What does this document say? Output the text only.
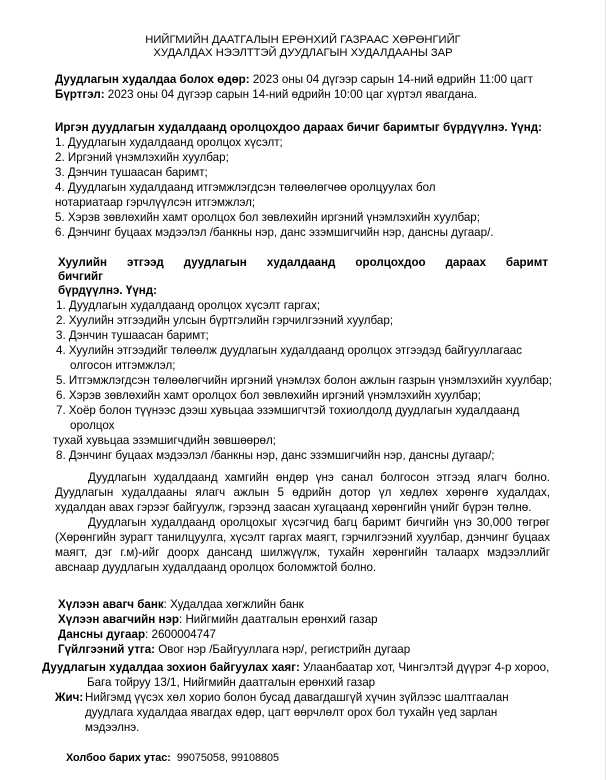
НИЙГМИЙН ДААТГАЛЫН ЕРӨНХИЙ ГАЗРААС ХӨРӨНГИЙГ
ХУДАЛДАХ НЭЭЛТТЭЙ ДУУДЛАГЫН ХУДАЛДААНЫ ЗАР
Дуудлагын худалдаа болох өдөр: 2023 оны 04 дүгээр сарын 14-ний өдрийн 11:00 цагт
Бүртгэл: 2023 оны 04 дүгээр сарын 14-ний өдрийн 10:00 цаг хүртэл явагдана.
Иргэн дуудлагын худалдаанд оролцохдоо дараах бичиг баримтыг бүрдүүлнэ. Үүнд:
1. Дуудлагын худалдаанд оролцох хүсэлт;
2. Иргэний үнэмлэхийн хуулбар;
3. Дэнчин тушаасан баримт;
4. Дуудлагын худалдаанд итгэмжлэгдсэн төлөөлөгчөө оролцуулах бол
нотариатаар гэрчлүүлсэн итгэмжлэл;
5. Хэрэв зөвлөхийн хамт оролцох бол зөвлөхийн иргэний үнэмлэхийн хуулбар;
6. Дэнчинг буцаах мэдээлэл /банкны нэр, данс эзэмшигчийн нэр, дансны дугаар/.
Хуулийн этгээд дуудлагын худалдаанд оролцохдоо дараах баримт бичгийг
бүрдүүлнэ. Үүнд:
1. Дуудлагын худалдаанд оролцох хүсэлт гаргах;
2. Хуулийн этгээдийн улсын бүртгэлийн гэрчилгээний хуулбар;
3. Дэнчин тушаасан баримт;
4. Хуулийн этгээдийг төлөөлж дуудлагын худалдаанд оролцох этгээдэд байгууллагаас
олгосон итгэмжлэл;
5. Итгэмжлэгдсэн төлөөлөгчийн иргэний үнэмлэх болон ажлын газрын үнэмлэхийн хуулбар;
6. Хэрэв зөвлөхийн хамт оролцох бол зөвлөхийн иргэний үнэмлэхийн хуулбар;
7. Хоёр болон түүнээс дээш хувьцаа эзэмшигчтэй тохиолдолд дуудлагын худалдаанд
оролцох
тухай хувьцаа эзэмшигчдийн зөвшөөрөл;
8. Дэнчинг буцаах мэдээлэл /банкны нэр, данс эзэмшигчийн нэр, дансны дугаар/;
Дуудлагын худалдаанд хамгийн өндөр үнэ санал болгосон этгээд ялагч болно. Дуудлагын худалдааны ялагч ажлын 5 өдрийн дотор үл хөдлөх хөрөнгө худалдах, худалдан авах гэрээг байгуулж, гэрээнд заасан хугацаанд хөрөнгийн үнийг бүрэн төлнө.
Дуудлагын худалдаанд оролцохыг хүсэгчид багц баримт бичгийн үнэ 30,000 төгрөг (Хөрөнгийн зурагт танилцуулга, хүсэлт гаргах маягт, гэрчилгээний хуулбар, дэнчинг буцаах маягт, дэг г.м)-ийг доорх дансанд шилжүүлж, тухайн хөрөнгийн талаарх мэдээллийг авснаар дуудлагын худалдаанд оролцох боломжтой болно.
Хүлээн авагч банк: Худалдаа хөгжлийн банк
Хүлээн авагчийн нэр: Нийгмийн даатгалын ерөнхий газар
Дансны дугаар: 2600004747
Гүйлгээний утга: Овог нэр /Байгууллага нэр/, регистрийн дугаар
Дуудлагын худалдаа зохион байгуулах хаяг: Улаанбаатар хот, Чингэлтэй дүүрэг 4-р хороо,
Бага тойруу 13/1, Нийгмийн даатгалын ерөнхий газар
Жич: Нийгэмд үүсэх хөл хорио болон бусад давагдашгүй хүчин зүйлээс шалтгаалан
дуудлага худалдаа явагдах өдөр, цагт өөрчлөлт орох бол тухайн үед зарлан
мэдээлнэ.
Холбоо барих утас:  99075058, 99108805
